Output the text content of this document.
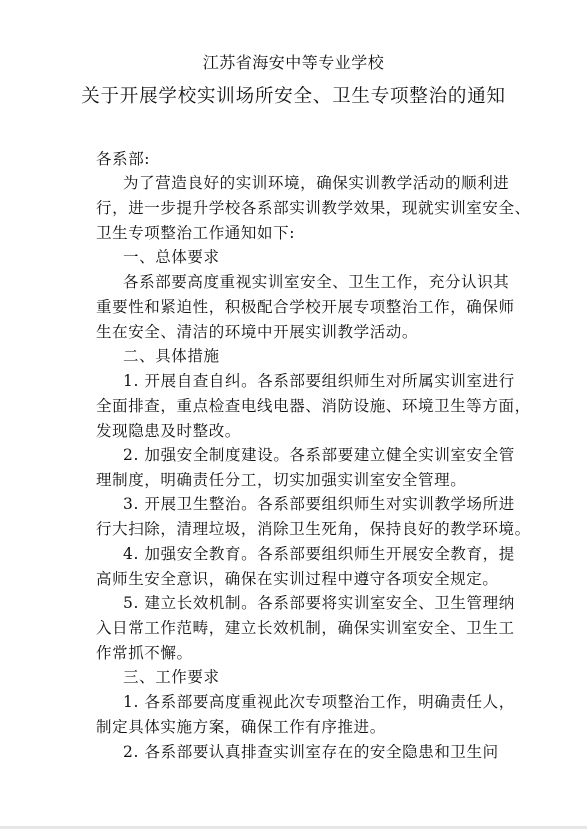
江苏省海安中等专业学校
关于开展学校实训场所安全、卫生专项整治的通知
各系部:
为了营造良好的实训环境，确保实训教学活动的顺利进
行，进一步提升学校各系部实训教学效果，现就实训室安全、
卫生专项整治工作通知如下:
一、总体要求
各系部要高度重视实训室安全、卫生工作，充分认识其
重要性和紧迫性，积极配合学校开展专项整治工作，确保师
生在安全、清洁的环境中开展实训教学活动。
二、具体措施
1. 开展自查自纠。各系部要组织师生对所属实训室进行
全面排查，重点检查电线电器、消防设施、环境卫生等方面，
发现隐患及时整改。
2. 加强安全制度建设。各系部要建立健全实训室安全管
理制度，明确责任分工，切实加强实训室安全管理。
3. 开展卫生整治。各系部要组织师生对实训教学场所进
行大扫除，清理垃圾，消除卫生死角，保持良好的教学环境。
4. 加强安全教育。各系部要组织师生开展安全教育，提
高师生安全意识，确保在实训过程中遵守各项安全规定。
5. 建立长效机制。各系部要将实训室安全、卫生管理纳
入日常工作范畴，建立长效机制，确保实训室安全、卫生工
作常抓不懈。
三、工作要求
1. 各系部要高度重视此次专项整治工作，明确责任人，
制定具体实施方案，确保工作有序推进。
2. 各系部要认真排查实训室存在的安全隐患和卫生问
